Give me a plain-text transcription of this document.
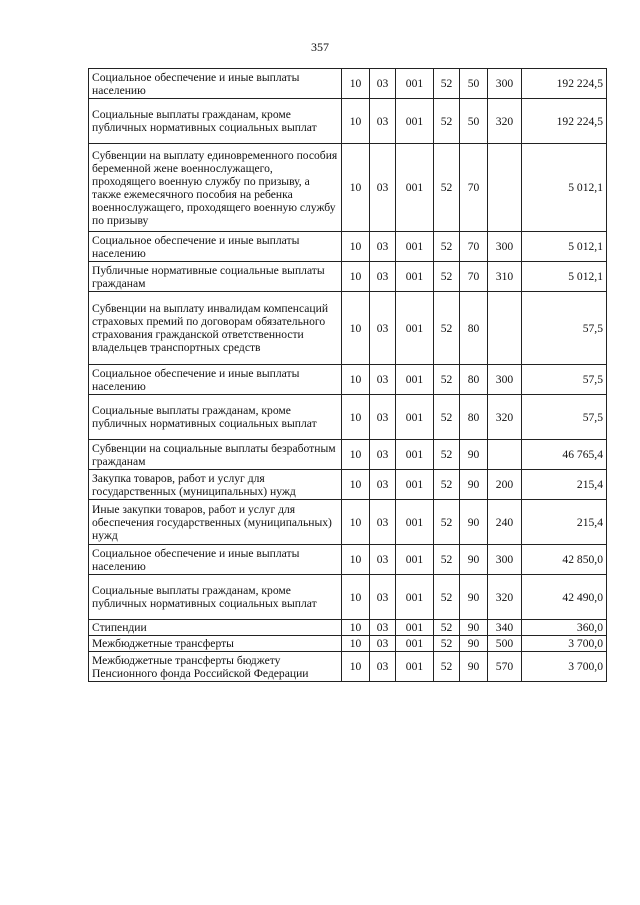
357
Социальное обеспечение и иные выплаты населению	10	03	001	52	50	300	192 224,5
Социальные выплаты гражданам, кроме публичных нормативных социальных выплат	10	03	001	52	50	320	192 224,5
Субвенции на выплату единовременного пособия беременной жене военнослужащего, проходящего военную службу по призыву, а также ежемесячного пособия на ребенка военнослужащего, проходящего военную службу по призыву	10	03	001	52	70		5 012,1
Социальное обеспечение и иные выплаты населению	10	03	001	52	70	300	5 012,1
Публичные нормативные социальные выплаты гражданам	10	03	001	52	70	310	5 012,1
Субвенции на выплату инвалидам компенсаций страховых премий по договорам обязательного страхования гражданской ответственности владельцев транспортных средств	10	03	001	52	80		57,5
Социальное обеспечение и иные выплаты населению	10	03	001	52	80	300	57,5
Социальные выплаты гражданам, кроме публичных нормативных социальных выплат	10	03	001	52	80	320	57,5
Субвенции на социальные выплаты безработным гражданам	10	03	001	52	90		46 765,4
Закупка товаров, работ и услуг для государственных (муниципальных) нужд	10	03	001	52	90	200	215,4
Иные закупки товаров, работ и услуг для обеспечения государственных (муниципальных) нужд	10	03	001	52	90	240	215,4
Социальное обеспечение и иные выплаты населению	10	03	001	52	90	300	42 850,0
Социальные выплаты гражданам, кроме публичных нормативных социальных выплат	10	03	001	52	90	320	42 490,0
Стипендии	10	03	001	52	90	340	360,0
Межбюджетные трансферты	10	03	001	52	90	500	3 700,0
Межбюджетные трансферты бюджету Пенсионного фонда Российской Федерации	10	03	001	52	90	570	3 700,0
